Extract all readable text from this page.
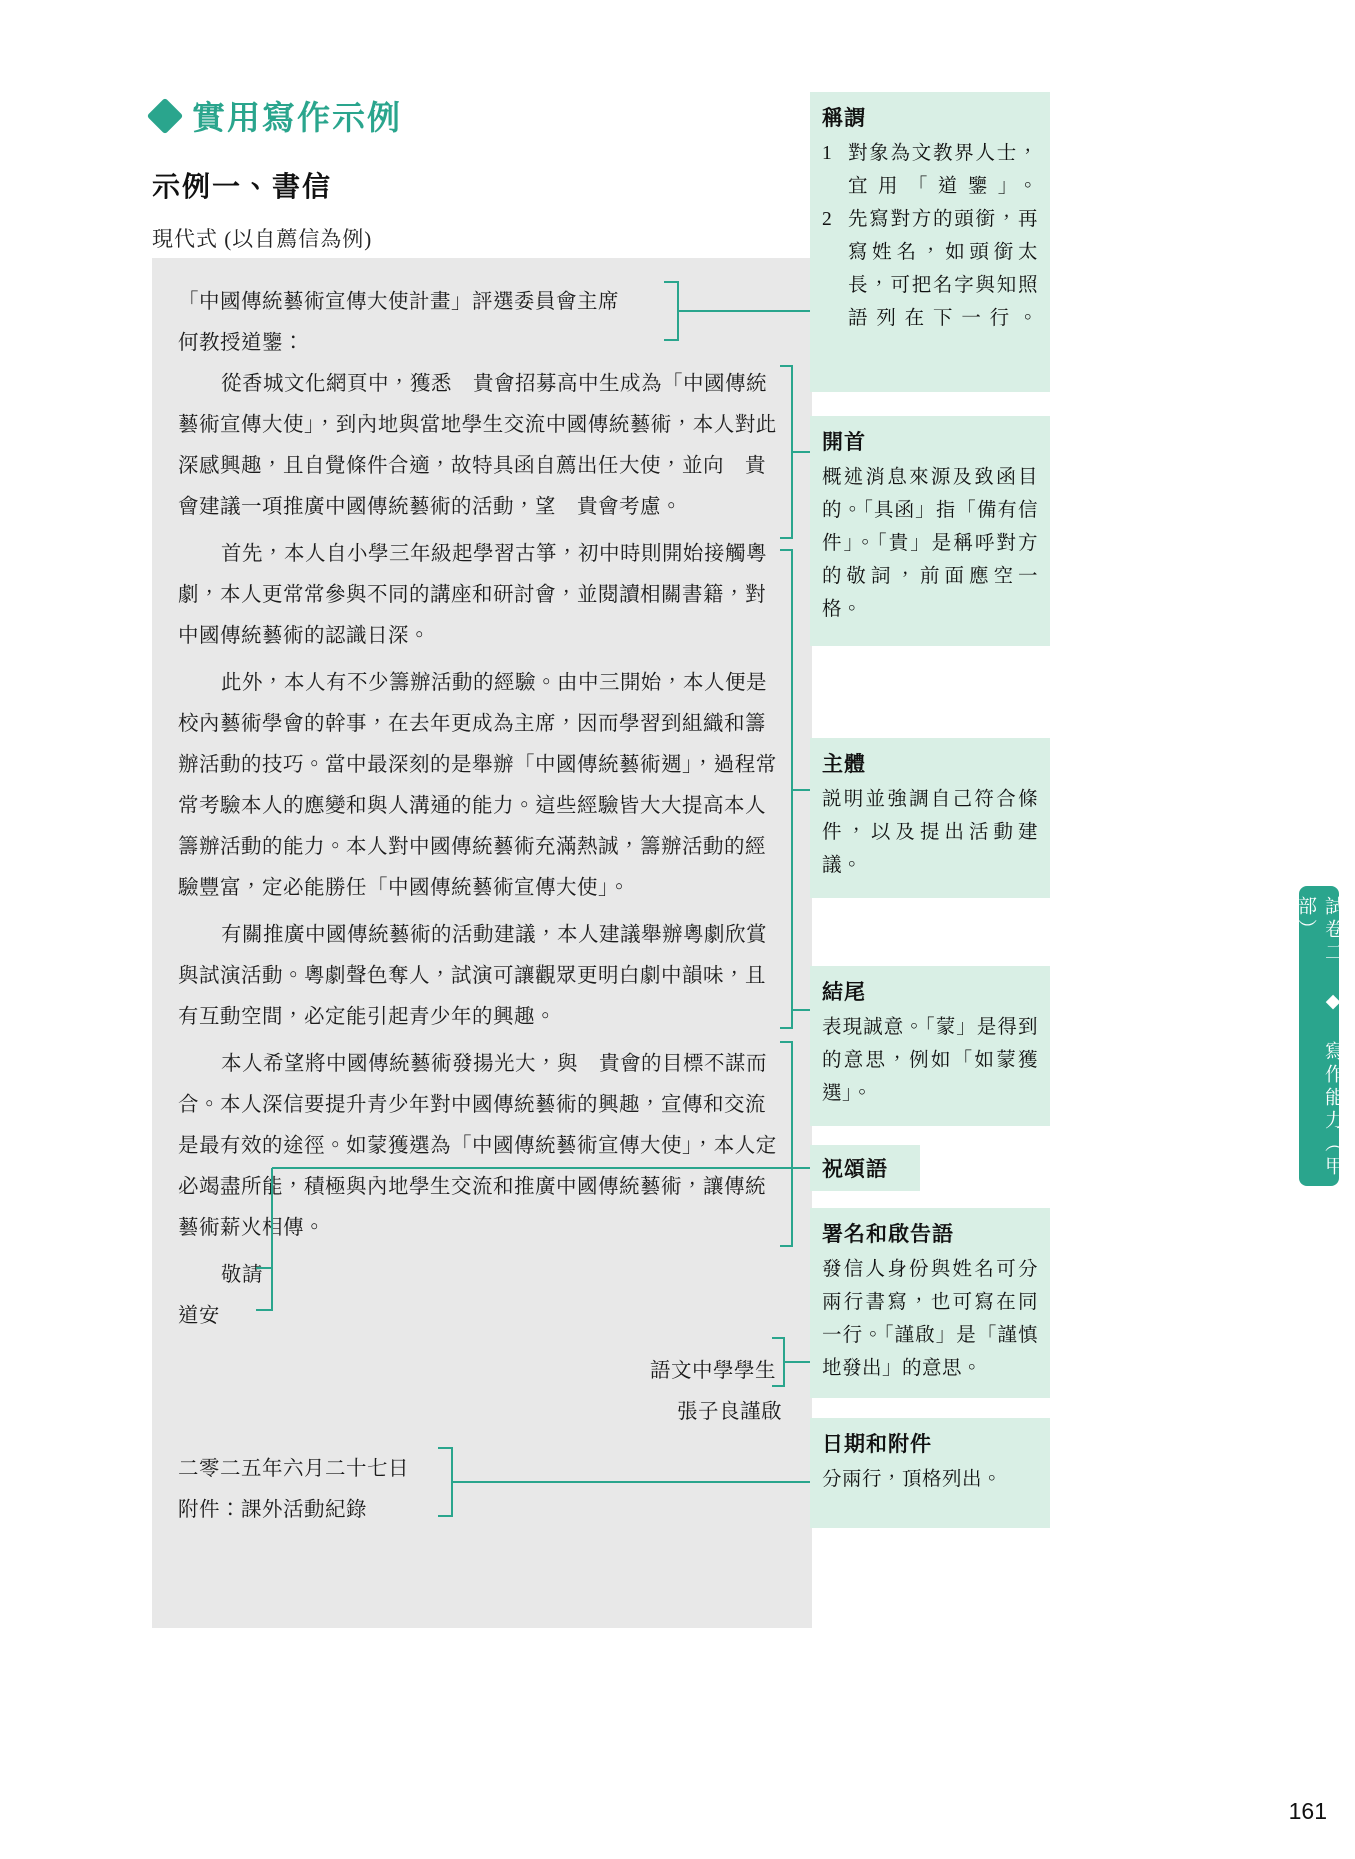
實用寫作示例
示例一、書信
現代式 (以自薦信為例)

「中國傳統藝術宣傳大使計畫」評選委員會主席

何教授道鑒：

從香城文化網頁中，獲悉　貴會招募高中生成為「中國傳統藝術宣傳大使」，到內地與當地學生交流中國傳統藝術，本人對此深感興趣，且自覺條件合適，故特具函自薦出任大使，並向　貴會建議一項推廣中國傳統藝術的活動，望　貴會考慮。

首先，本人自小學三年級起學習古箏，初中時則開始接觸粵劇，本人更常常參與不同的講座和研討會，並閱讀相關書籍，對中國傳統藝術的認識日深。

此外，本人有不少籌辦活動的經驗。由中三開始，本人便是校內藝術學會的幹事，在去年更成為主席，因而學習到組織和籌辦活動的技巧。當中最深刻的是舉辦「中國傳統藝術週」，過程常常考驗本人的應變和與人溝通的能力。這些經驗皆大大提高本人籌辦活動的能力。本人對中國傳統藝術充滿熱誠，籌辦活動的經驗豐富，定必能勝任「中國傳統藝術宣傳大使」。

有關推廣中國傳統藝術的活動建議，本人建議舉辦粵劇欣賞與試演活動。粵劇聲色奪人，試演可讓觀眾更明白劇中韻味，且有互動空間，必定能引起青少年的興趣。

本人希望將中國傳統藝術發揚光大，與　貴會的目標不謀而合。本人深信要提升青少年對中國傳統藝術的興趣，宣傳和交流是最有效的途徑。如蒙獲選為「中國傳統藝術宣傳大使」，本人定必竭盡所能，積極與內地學生交流和推廣中國傳統藝術，讓傳統藝術薪火相傳。

敬請

道安

語文中學學生

張子良謹啟

二零二五年六月二十七日

附件：課外活動紀錄

稱謂
1 對象為文教界人士，宜用「道鑒」。
2 先寫對方的頭銜，再寫姓名，如頭銜太長，可把名字與知照語列在下一行。
開首

概述消息來源及致函目的。「具函」指「備有信件」。「貴」是稱呼對方的敬詞，前面應空一格。

主體

説明並強調自己符合條件，以及提出活動建議。

結尾

表現誠意。「蒙」是得到的意思，例如「如蒙獲選」。

祝頌語
署名和啟告語

發信人身份與姓名可分兩行書寫，也可寫在同一行。「謹啟」是「謹慎地發出」的意思。

日期和附件

分兩行，頂格列出。

試卷二 ◆ 寫作能力（甲部）
161
